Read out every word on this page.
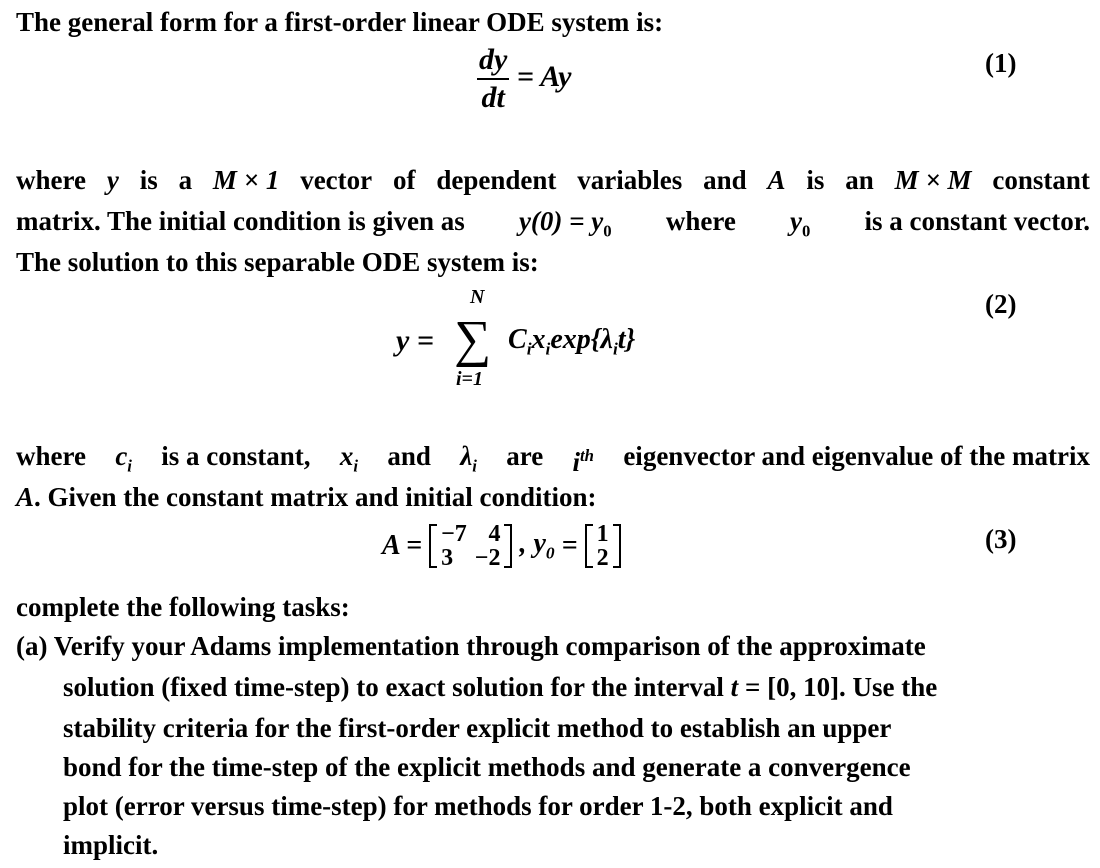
The general form for a first-order linear ODE system is:
$\frac{dy}{dt} = Ay$	(1)
where y is a M × 1 vector of dependent variables and A is an M × M constant
matrix. The initial condition is given as $y(0) = y_0$ where $y_0$ is a constant vector.
The solution to this separable ODE system is:
y =
N
∑
i=1
$C_ix_i\exp\{\lambda_it\}$
(2)
where $c_i$ is a constant, $x_i$ and $\lambda_i$ are $i^{th}$ eigenvector and eigenvalue of the matrix
A. Given the constant matrix and initial condition:
A = −7	4
3	−2 , $y_0 = 1$
2
(3)
complete the following tasks:
(a) Verify your Adams implementation through comparison of the approximate
solution (fixed time-step) to exact solution for the interval t = [0, 10]. Use the
stability criteria for the first-order explicit method to establish an upper
bond for the time-step of the explicit methods and generate a convergence
plot (error versus time-step) for methods for order 1-2, both explicit and
implicit.
